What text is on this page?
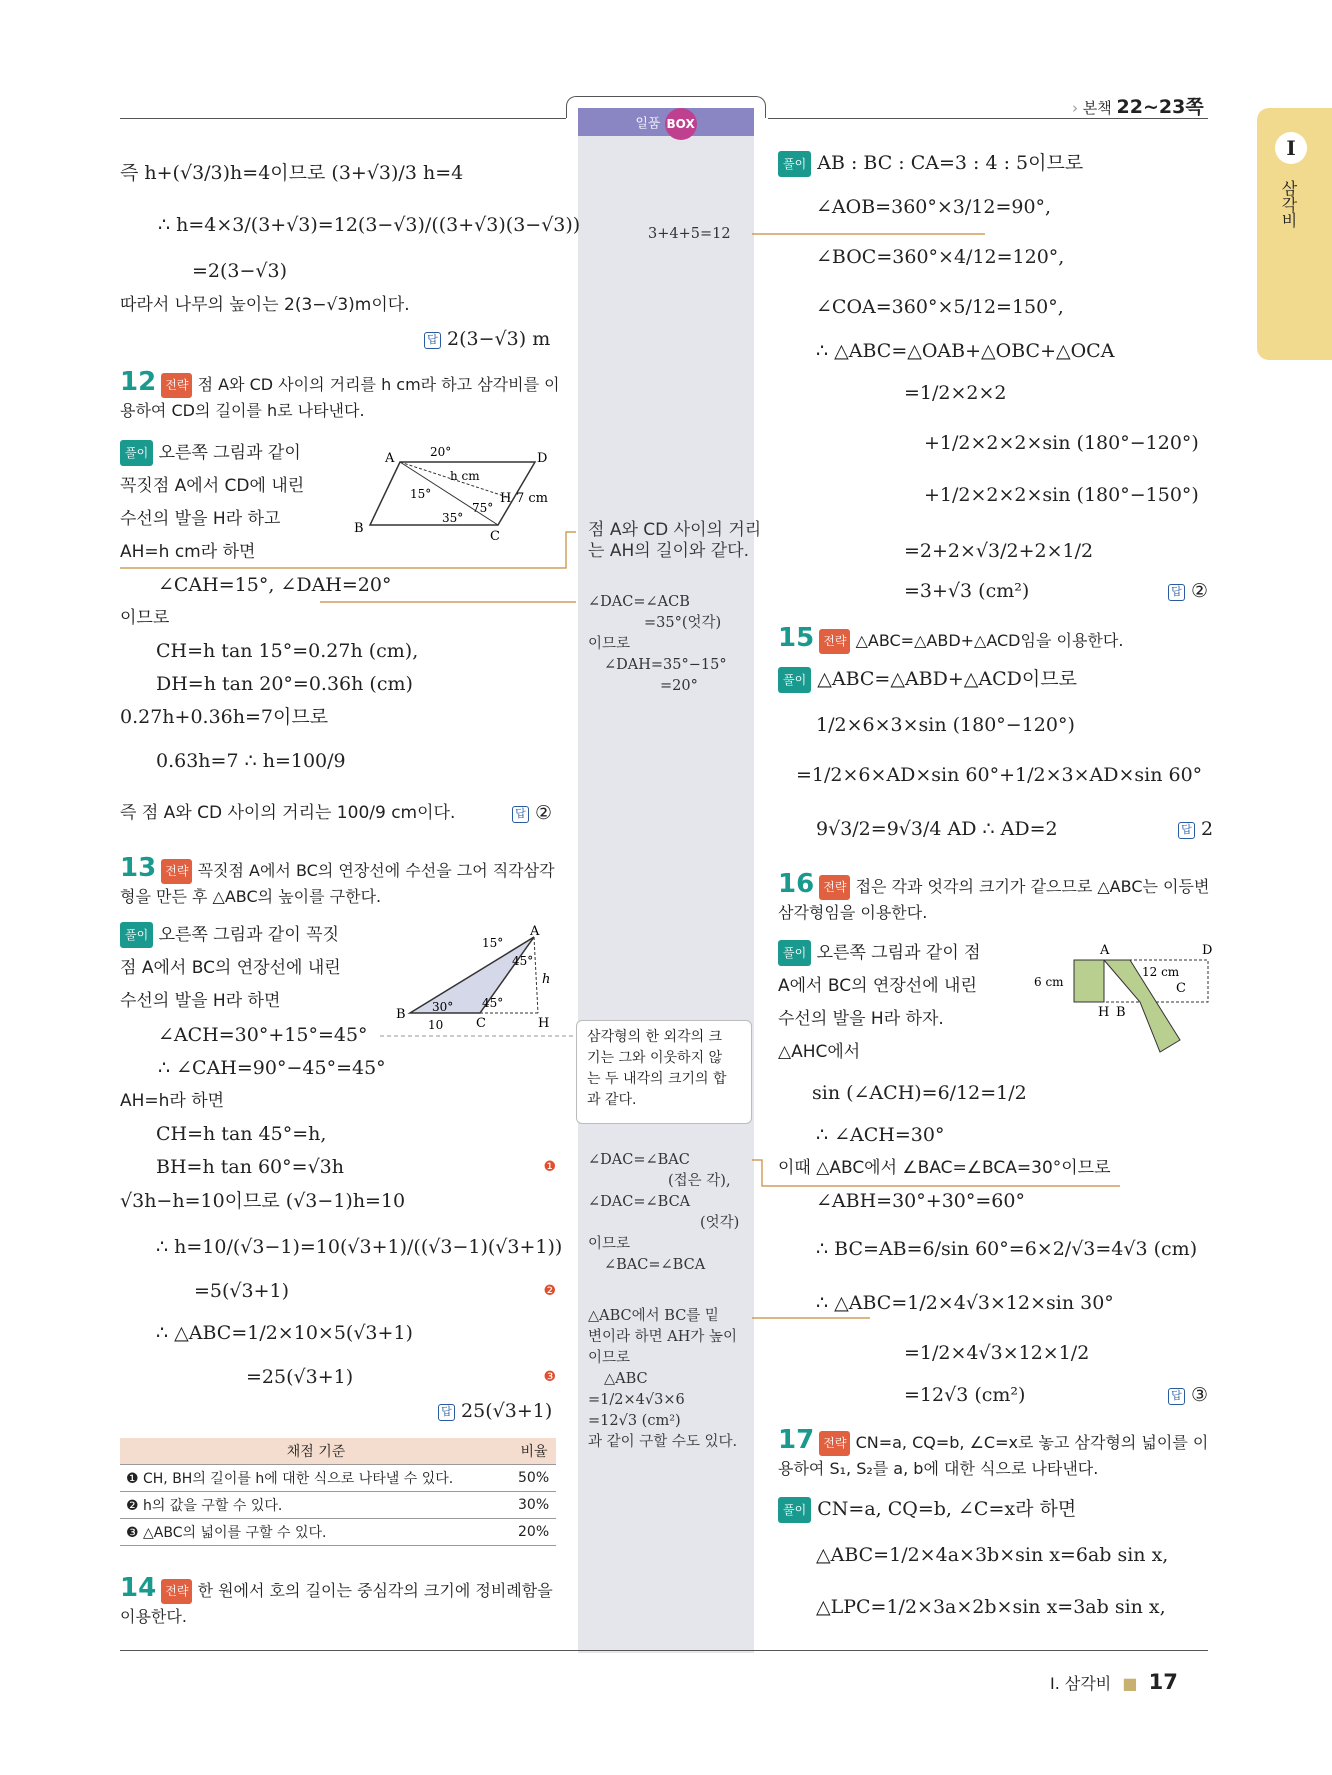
› 본책 22~23쪽
I
삼각비
일품 BOX
즉 h+(√3/3)h=4이므로 (3+√3)/3 h=4
∴ h=4×3/(3+√3)=12(3−√3)/((3+√3)(3−√3))
=2(3−√3)
따라서 나무의 높이는 2(3−√3)m이다.
답 2(3−√3) m
12 전략 점 A와 CD 사이의 거리를 h cm라 하고 삼각비를 이용하여 CD의 길이를 h로 나타낸다.
풀이 오른쪽 그림과 같이
꼭짓점 A에서 CD에 내린
수선의 발을 H라 하고
AH=h cm라 하면
∠CAH=15°, ∠DAH=20°
이므로
CH=h tan 15°=0.27h (cm),
DH=h tan 20°=0.36h (cm)
0.27h+0.36h=7이므로
0.63h=7 ∴ h=100/9
즉 점 A와 CD 사이의 거리는 100/9 cm이다.	답 ②
A	D
B
C
H
20°
15°
35°
75°
h cm
7 cm
13 전략 꼭짓점 A에서 BC의 연장선에 수선을 그어 직각삼각형을 만든 후 △ABC의 높이를 구한다.
풀이 오른쪽 그림과 같이 꼭짓
점 A에서 BC의 연장선에 내린
수선의 발을 H라 하면
∠ACH=30°+15°=45°
∴ ∠CAH=90°−45°=45°
AH=h라 하면
CH=h tan 45°=h,
BH=h tan 60°=√3h	❶
√3h−h=10이므로 (√3−1)h=10
∴ h=10/(√3−1)=10(√3+1)/((√3−1)(√3+1))
=5(√3+1)	❷
∴ △ABC=1/2×10×5(√3+1)
=25(√3+1)	❸
답 25(√3+1)
A
B
C	H
15°
45°
30° 45°
h
10
채점 기준	비율
❶ CH, BH의 길이를 h에 대한 식으로 나타낼 수 있다.	50%
❷ h의 값을 구할 수 있다.	30%
❸ △ABC의 넓이를 구할 수 있다.	20%
14 전략 한 원에서 호의 길이는 중심각의 크기에 정비례함을 이용한다.
3+4+5=12
점 A와 CD 사이의 거리
는 AH의 길이와 같다.
∠DAC=∠ACB
=35°(엇각)
이므로
∠DAH=35°−15°
=20°
삼각형의 한 외각의 크
기는 그와 이웃하지 않
는 두 내각의 크기의 합
과 같다.
∠DAC=∠BAC
(접은 각),
∠DAC=∠BCA
(엇각)
이므로
∠BAC=∠BCA
△ABC에서 BC를 밑
변이라 하면 AH가 높이
이므로
△ABC
=1/2×4√3×6
=12√3 (cm²)
과 같이 구할 수도 있다.
풀이 AB : BC : CA=3 : 4 : 5이므로
∠AOB=360°×3/12=90°,
∠BOC=360°×4/12=120°,
∠COA=360°×5/12=150°,
∴ △ABC=△OAB+△OBC+△OCA
=1/2×2×2
+1/2×2×2×sin (180°−120°)
+1/2×2×2×sin (180°−150°)
=2+2×√3/2+2×1/2
=3+√3 (cm²)	답 ②
15 전략 △ABC=△ABD+△ACD임을 이용한다.
풀이 △ABC=△ABD+△ACD이므로
1/2×6×3×sin (180°−120°)
=1/2×6×AD×sin 60°+1/2×3×AD×sin 60°
9√3/2=9√3/4 AD ∴ AD=2	답 2
16 전략 접은 각과 엇각의 크기가 같으므로 △ABC는 이등변삼각형임을 이용한다.
풀이 오른쪽 그림과 같이 점
A에서 BC의 연장선에 내린
수선의 발을 H라 하자.
△AHC에서
sin (∠ACH)=6/12=1/2
∴ ∠ACH=30°
이때 △ABC에서 ∠BAC=∠BCA=30°이므로
∠ABH=30°+30°=60°
∴ BC=AB=6/sin 60°=6×2/√3=4√3 (cm)
∴ △ABC=1/2×4√3×12×sin 30°
=1/2×4√3×12×1/2
=12√3 (cm²)	답 ③
A	D
H B
C
6 cm
12 cm
17 전략 CN=a, CQ=b, ∠C=x로 놓고 삼각형의 넓이를 이용하여 S₁, S₂를 a, b에 대한 식으로 나타낸다.
풀이 CN=a, CQ=b, ∠C=x라 하면
△ABC=1/2×4a×3b×sin x=6ab sin x,
△LPC=1/2×3a×2b×sin x=3ab sin x,
I. 삼각비 ■ 17
